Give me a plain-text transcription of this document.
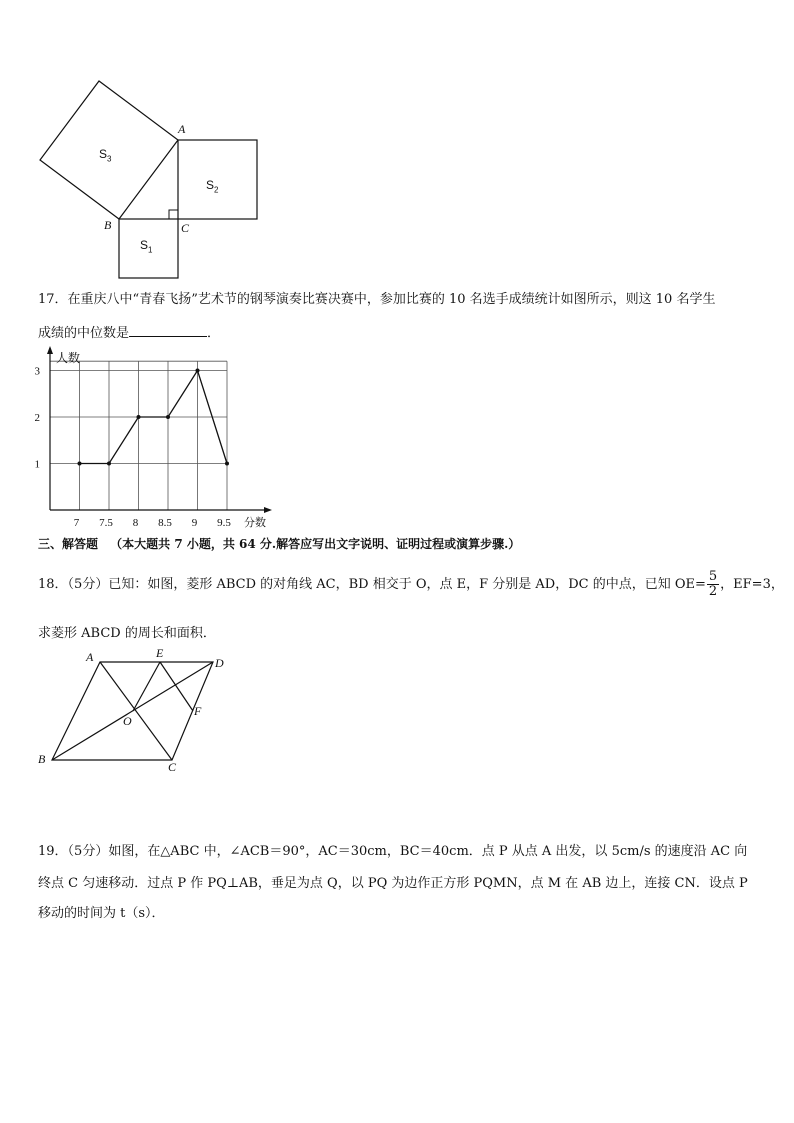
A
B	C
$S_3$
$S_2$
$S_1$
17．在重庆八中“青春飞扬”艺术节的钢琴演奏比赛决赛中，参加比赛的 10 名选手成绩统计如图所示，则这 10 名学生
成绩的中位数是	．
人数
分数
1
2
3
7 7.5 8 8.5 9 9.5
三、解答题 （本大题共 7 小题，共 64 分.解答应写出文字说明、证明过程或演算步骤.）
18．（5分）已知：如图，菱形 ABCD 的对角线 AC，BD 相交于 O，点 E，F 分别是 AD，DC 的中点，已知 $OE= \frac{5}{2}$ ，EF=3，
求菱形 ABCD 的周长和面积．
A	E
D
O
F
B
C
19．（5分）如图，在△ABC 中，∠ACB＝90°，AC＝30cm，BC＝40cm．点 P 从点 A 出发，以 5cm/s 的速度沿 AC 向
终点 C 匀速移动．过点 P 作 PQ⊥AB，垂足为点 Q，以 PQ 为边作正方形 PQMN，点 M 在 AB 边上，连接 CN．设点 P
移动的时间为 t（s）．
